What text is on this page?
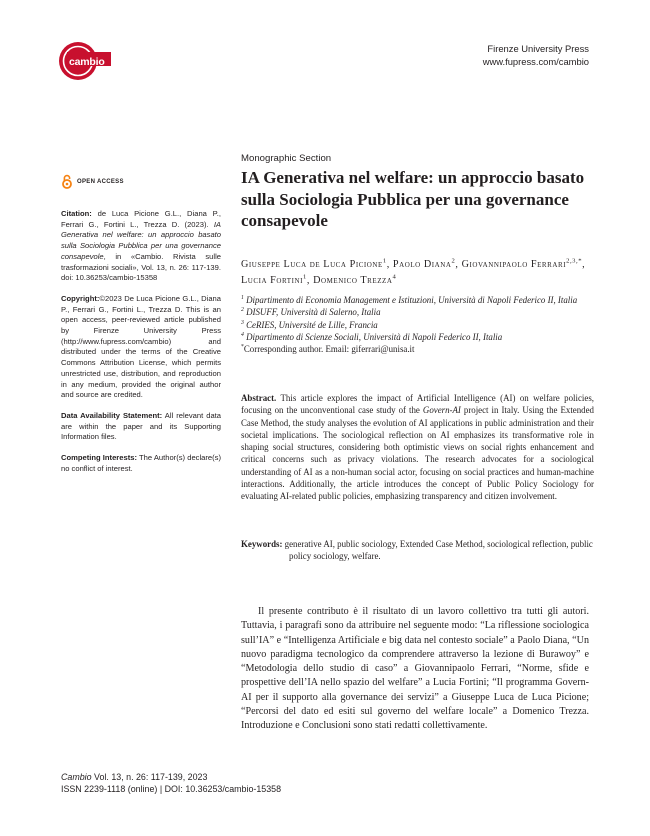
cambio
Firenze University Press
www.fupress.com/cambio
OPEN ACCESS

Citation: de Luca Picione G.L., Diana P., Ferrari G., Fortini L., Trezza D. (2023). IA Generativa nel welfare: un approccio basato sulla Sociologia Pubblica per una governance consapevole, in «Cambio. Rivista sulle trasformazioni sociali», Vol. 13, n. 26: 117-139. doi: 10.36253/cambio-15358

Copyright:©2023 De Luca Picione G.L., Diana P., Ferrari G., Fortini L., Trezza D. This is an open access, peer-reviewed article published by Firenze University Press (http://www.fupress.com/cambio) and distributed under the terms of the Creative Commons Attribution License, which permits unrestricted use, distribution, and reproduction in any medium, provided the original author and source are credited.

Data Availability Statement: All relevant data are within the paper and its Supporting Information files.

Competing Interests: The Author(s) declare(s) no conflict of interest.

Monographic Section
IA Generativa nel welfare: un approccio basato sulla Sociologia Pubblica per una governance consapevole
Giuseppe Luca de Luca Picione$^1$, Paolo Diana$^2$, Giovannipaolo Ferrari$^{2,3,*}$, Lucia Fortini$^1$, Domenico Trezza$^4$
$^1$ Dipartimento di Economia Management e Istituzioni, Università di Napoli Federico II, Italia
$^2$ DISUFF, Università di Salerno, Italia
$^3$ CeRIES, Université de Lille, Francia
$^4$ Dipartimento di Scienze Sociali, Università di Napoli Federico II, Italia
*Corresponding author. Email: giferrari@unisa.it

Abstract. This article explores the impact of Artificial Intelligence (AI) on welfare policies, focusing on the unconventional case study of the Govern-AI project in Italy. Using the Extended Case Method, the study analyses the evolution of AI applications in public administration and their societal implications. The sociological reflection on AI emphasizes its transformative role in shaping social structures, considering both optimistic views on social rights enhancement and critical concerns such as privacy violations. The research advocates for a sociological understanding of AI as a non-human social actor, focusing on social practices and human-machine interactions. Additionally, the article introduces the concept of Public Policy Sociology for evaluating AI-related public policies, emphasizing transparency and citizen involvement.

Keywords: generative AI, public sociology, Extended Case Method, sociological reflection, public policy sociology, welfare.

Il presente contributo è il risultato di un lavoro collettivo tra tutti gli autori. Tuttavia, i paragrafi sono da attribuire nel seguente modo: “La riflessione sociologica sull’IA” e “Intelligenza Artificiale e big data nel contesto sociale” a Paolo Diana, “Un nuovo paradigma tecnologico da comprendere attraverso la lezione di Burawoy” e “Metodologia dello studio di caso” a Giovannipaolo Ferrari, “Norme, sfide e prospettive dell’IA nello spazio del welfare” a Lucia Fortini; “Il programma Govern-AI per il supporto alla governance dei servizi” a Giuseppe Luca de Luca Picione; “Percorsi del dato ed esiti sul governo del welfare locale” a Domenico Trezza. Introduzione e Conclusioni sono stati redatti collettivamente.

Cambio Vol. 13, n. 26: 117-139, 2023
ISSN 2239-1118 (online) | DOI: 10.36253/cambio-15358
